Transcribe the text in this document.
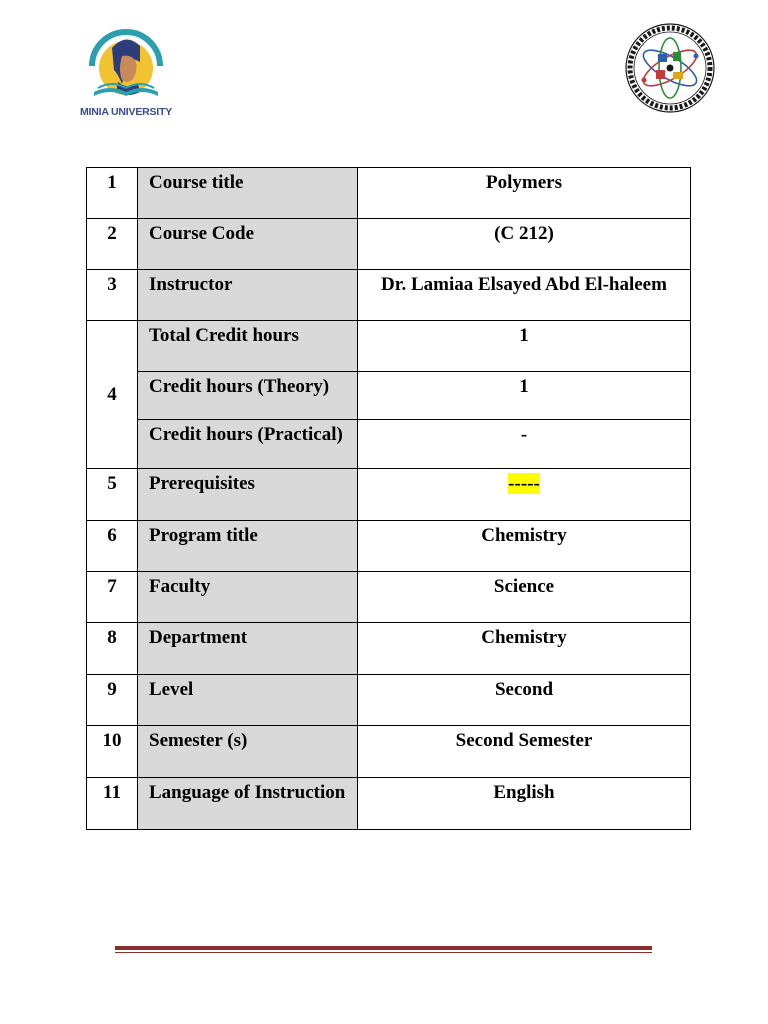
MINIA UNIVERSITY
1	Course title	Polymers
2	Course Code	(C 212)
3	Instructor	Dr. Lamiaa Elsayed Abd El-haleem
4	Total Credit hours	1
	Credit hours (Theory)	1
	Credit hours (Practical)	-
5	Prerequisites	-----
6	Program title	Chemistry
7	Faculty	Science
8	Department	Chemistry
9	Level	Second
10	Semester (s)	Second Semester
11	Language of Instruction	English
